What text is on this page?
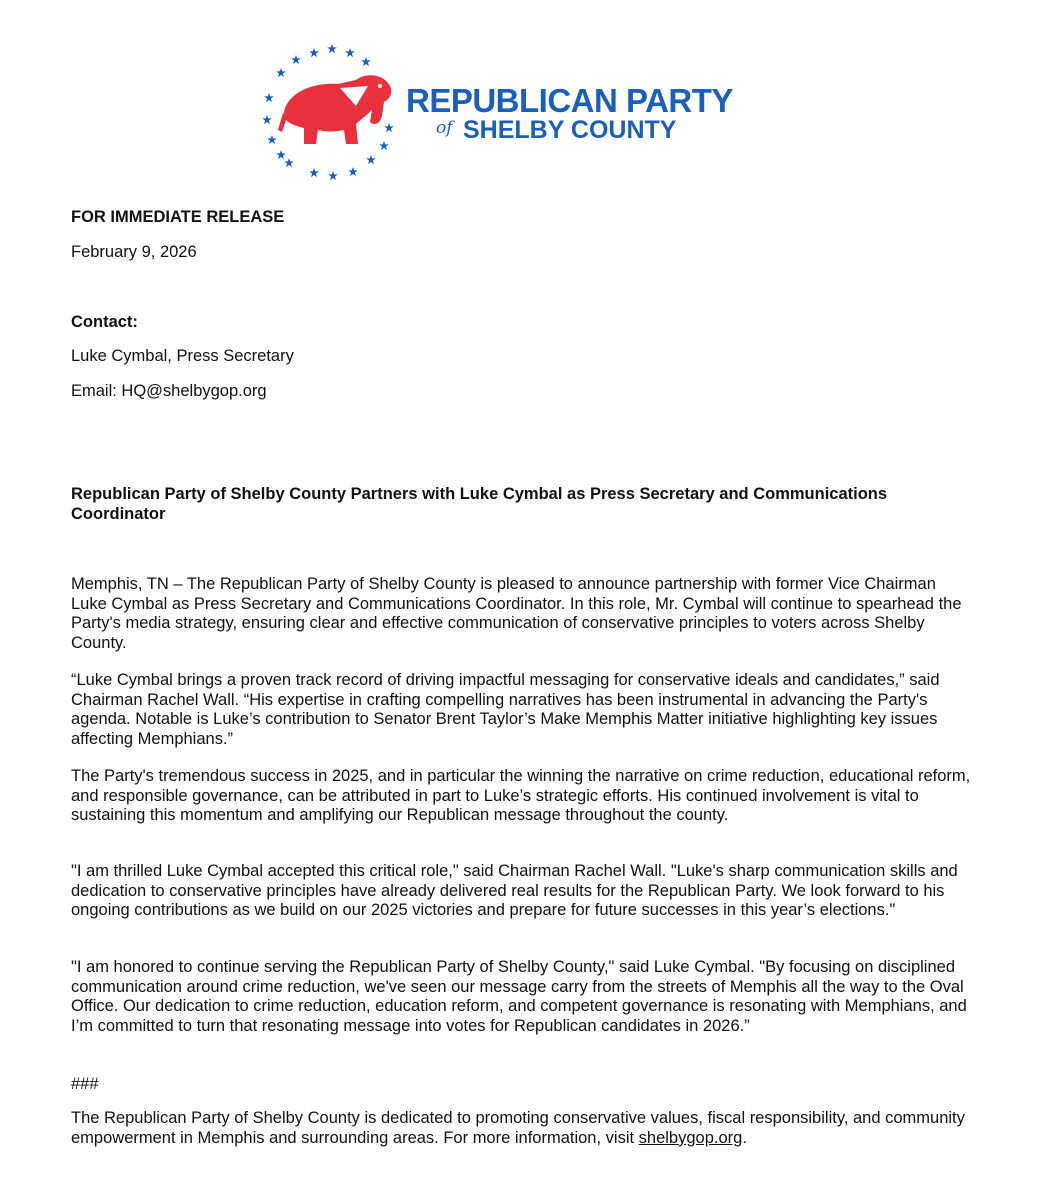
REPUBLICAN PARTY
of SHELBY COUNTY
FOR IMMEDIATE RELEASE
February 9, 2026
Contact:
Luke Cymbal, Press Secretary
Email: HQ@shelbygop.org

Republican Party of Shelby County Partners with Luke Cymbal as Press Secretary and Communications Coordinator

Memphis, TN – The Republican Party of Shelby County is pleased to announce partnership with former Vice Chairman Luke Cymbal as Press Secretary and Communications Coordinator. In this role, Mr. Cymbal will continue to spearhead the Party's media strategy, ensuring clear and effective communication of conservative principles to voters across Shelby County.

“Luke Cymbal brings a proven track record of driving impactful messaging for conservative ideals and candidates,” said Chairman Rachel Wall. “His expertise in crafting compelling narratives has been instrumental in advancing the Party's agenda. Notable is Luke’s contribution to Senator Brent Taylor’s Make Memphis Matter initiative highlighting key issues affecting Memphians.”

The Party's tremendous success in 2025, and in particular the winning the narrative on crime reduction, educational reform, and responsible governance, can be attributed in part to Luke’s strategic efforts. His continued involvement is vital to sustaining this momentum and amplifying our Republican message throughout the county.

"I am thrilled Luke Cymbal accepted this critical role," said Chairman Rachel Wall. "Luke's sharp communication skills and dedication to conservative principles have already delivered real results for the Republican Party. We look forward to his ongoing contributions as we build on our 2025 victories and prepare for future successes in this year’s elections."

"I am honored to continue serving the Republican Party of Shelby County," said Luke Cymbal. "By focusing on disciplined communication around crime reduction, we've seen our message carry from the streets of Memphis all the way to the Oval Office. Our dedication to crime reduction, education reform, and competent governance is resonating with Memphians, and I’m committed to turn that resonating message into votes for Republican candidates in 2026.”

###

The Republican Party of Shelby County is dedicated to promoting conservative values, fiscal responsibility, and community empowerment in Memphis and surrounding areas. For more information, visit shelbygop.org.
